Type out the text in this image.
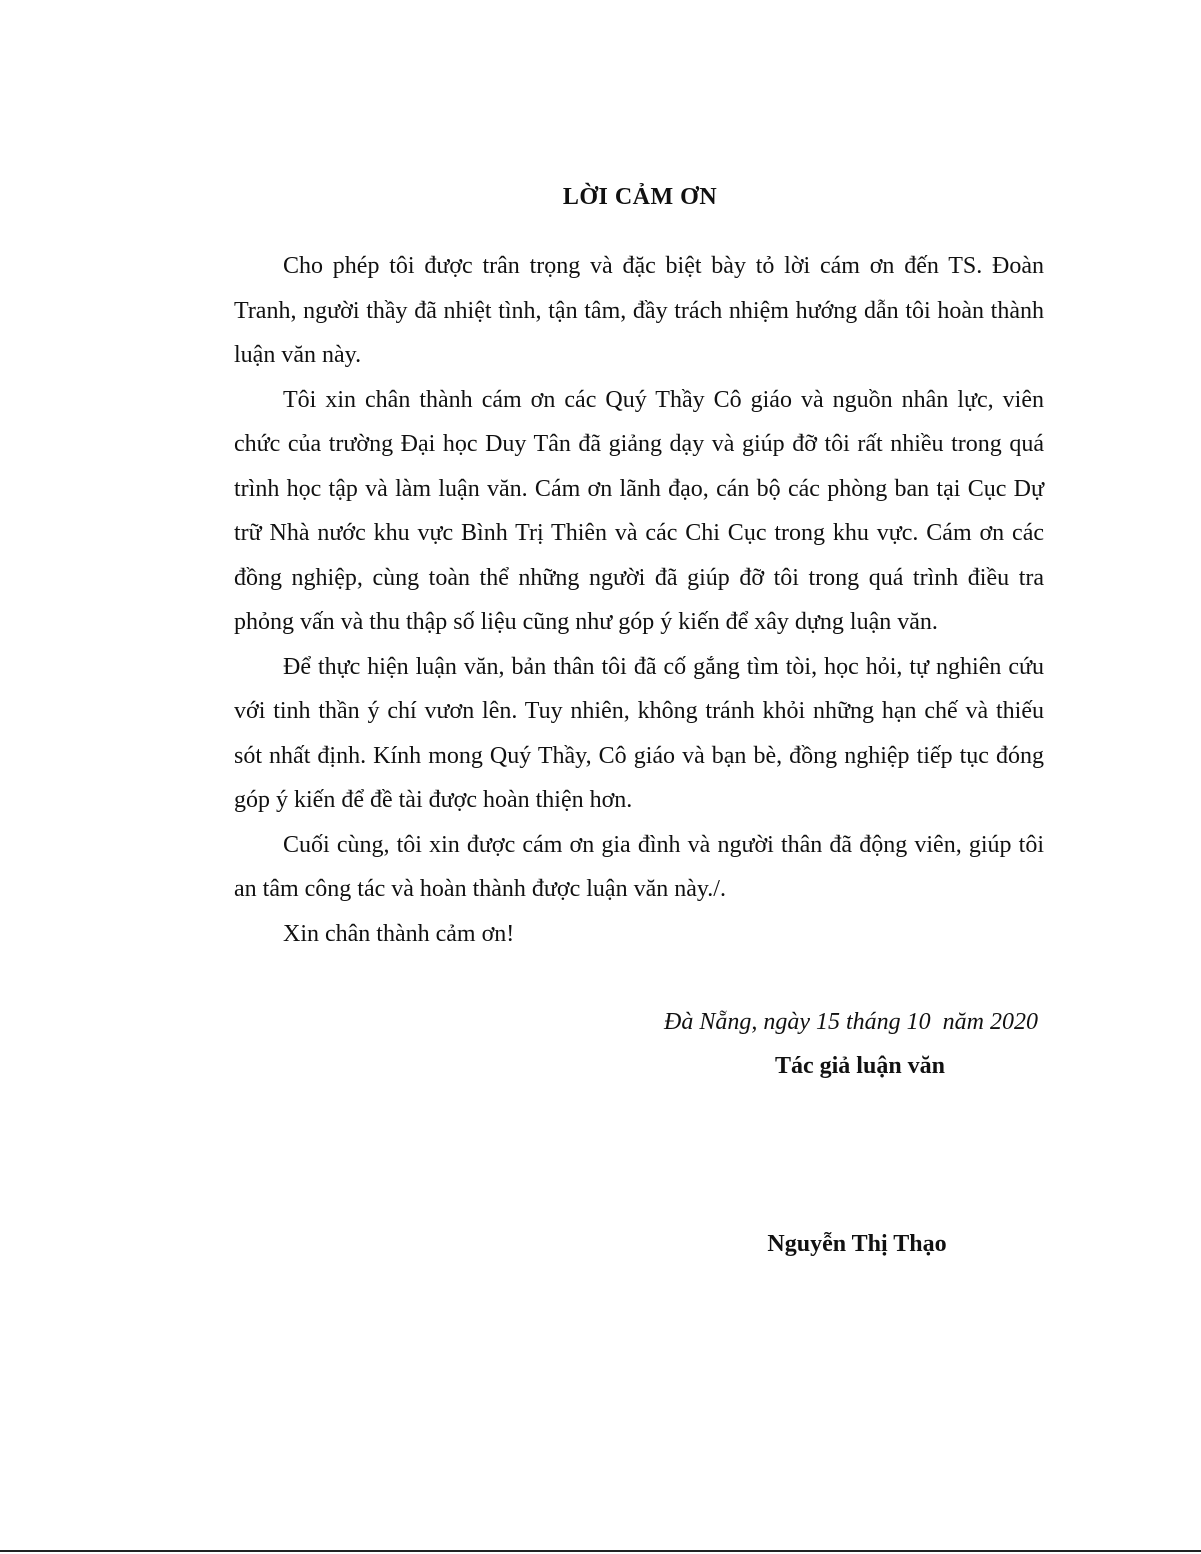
LỜI CẢM ƠN

Cho phép tôi được trân trọng và đặc biệt bày tỏ lời cám ơn đến TS. Đoàn Tranh, người thầy đã nhiệt tình, tận tâm, đầy trách nhiệm hướng dẫn tôi hoàn thành luận văn này.

Tôi xin chân thành cám ơn các Quý Thầy Cô giáo và nguồn nhân lực, viên chức của trường Đại học Duy Tân đã giảng dạy và giúp đỡ tôi rất nhiều trong quá trình học tập và làm luận văn. Cám ơn lãnh đạo, cán bộ các phòng ban tại Cục Dự trữ Nhà nước khu vực Bình Trị Thiên và các Chi Cục trong khu vực. Cám ơn các đồng nghiệp, cùng toàn thể những người đã giúp đỡ tôi trong quá trình điều tra phỏng vấn và thu thập số liệu cũng như góp ý kiến để xây dựng luận văn.

Để thực hiện luận văn, bản thân tôi đã cố gắng tìm tòi, học hỏi, tự nghiên cứu với tinh thần ý chí vươn lên. Tuy nhiên, không tránh khỏi những hạn chế và thiếu sót nhất định. Kính mong Quý Thầy, Cô giáo và bạn bè, đồng nghiệp tiếp tục đóng góp ý kiến để đề tài được hoàn thiện hơn.

Cuối cùng, tôi xin được cám ơn gia đình và người thân đã động viên, giúp tôi an tâm công tác và hoàn thành được luận văn này./.

Xin chân thành cảm ơn!

Đà Nẵng, ngày 15 tháng 10  năm 2020
Tác giả luận văn
Nguyễn Thị Thạo
